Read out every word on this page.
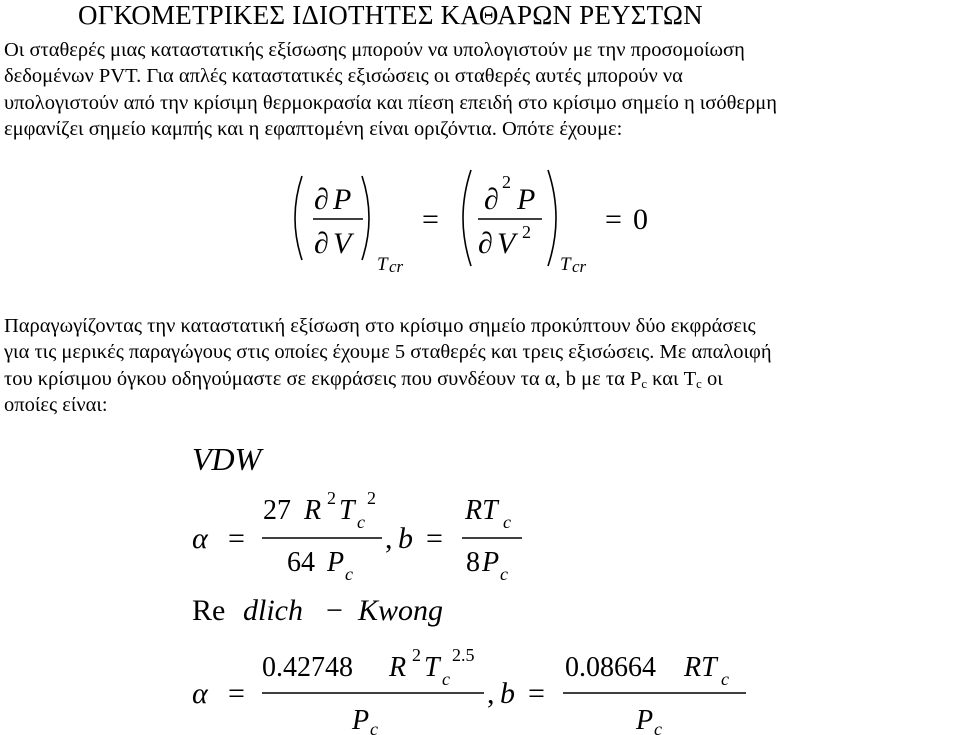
ΟΓΚΟΜΕΤΡΙΚΕΣ ΙΔΙΟΤΗΤΕΣ ΚΑΘΑΡΩΝ ΡΕΥΣΤΩΝ
Οι σταθερές μιας καταστατικής εξίσωσης μπορούν να υπολογιστούν με την προσομοίωση
δεδομένων PVT. Για απλές καταστατικές εξισώσεις οι σταθερές αυτές μπορούν να
υπολογιστούν από την κρίσιμη θερμοκρασία και πίεση επειδή στο κρίσιμο σημείο η ισόθερμη
εμφανίζει σημείο καμπής και η εφαπτομένη είναι οριζόντια. Οπότε έχουμε:
Παραγωγίζοντας την καταστατική εξίσωση στο κρίσιμο σημείο προκύπτουν δύο εκφράσεις
για τις μερικές παραγώγους στις οποίες έχουμε 5 σταθερές και τρεις εξισώσεις. Με απαλοιφή
του κρίσιμου όγκου οδηγούμαστε σε εκφράσεις που συνδέουν τα α, b με τα $P_c$ και $T_c$ οι
οποίες είναι:
∂ P
∂ V
T cr
=
∂
2
P
∂ V 2
T cr
= 0
VDW
α =
27 R 2 T c
2
64 P c
, b =
RT c
8 P c
Re dlich − Kwong
α =
0.42748 R 2 T c
2.5
P c
, b =
0.08664 RT c
P c
